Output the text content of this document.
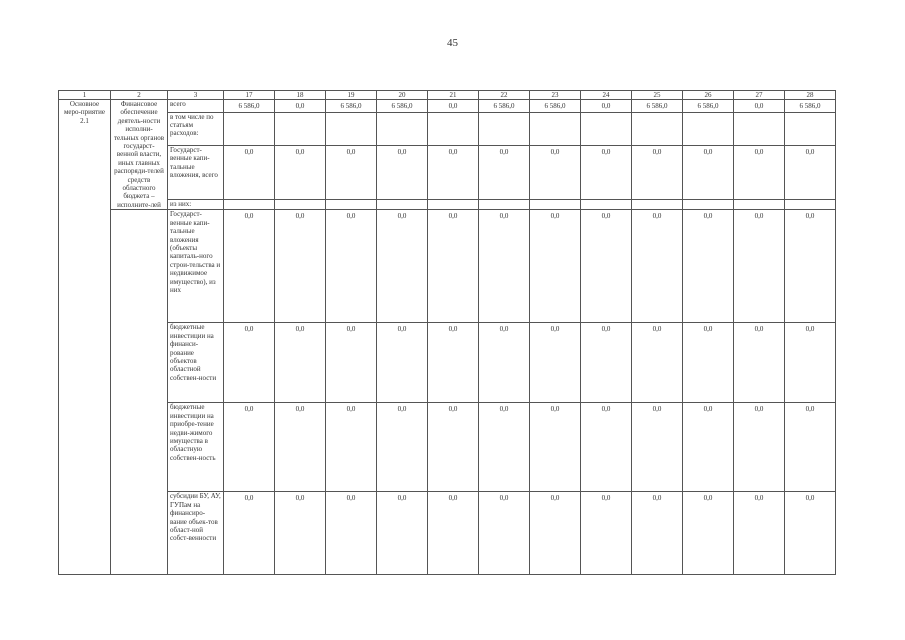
45
1	2	3	17	18	19	20	21	22	23	24	25	26	27	28
Основное меро-приятие 2.1	Финансовое обеспечение деятель-ности исполни-тельных органов государст-венной власти, иных главных распоряди-телей средств областного бюджета – исполните-лей	всего	6 586,0	0,0	6 586,0	6 586,0	0,0	6 586,0	6 586,0	0,0	6 586,0	6 586,0	0,0	6 586,0
		в том числе по статьям расходов:												
		Государст-венные капи-тальные вложения, всего	0,0	0,0	0,0	0,0	0,0	0,0	0,0	0,0	0,0	0,0	0,0	0,0
		из них:												
		Государст-венные капи-тальные вложения (объекты капиталь-ного строи-тельства и недвижимое имущество), из них	0,0	0,0	0,0	0,0	0,0	0,0	0,0	0,0	0,0	0,0	0,0	0,0
		бюджетные инвестиции на финанси-рование объектов областной собствен-ности	0,0	0,0	0,0	0,0	0,0	0,0	0,0	0,0	0,0	0,0	0,0	0,0
		бюджетные инвестиции на приобре-тение недви-жимого имущества в областную собствен-ность	0,0	0,0	0,0	0,0	0,0	0,0	0,0	0,0	0,0	0,0	0,0	0,0
		субсидии БУ, АУ, ГУПам на финансиро-вание объек-тов област-ной собст-венности	0,0	0,0	0,0	0,0	0,0	0,0	0,0	0,0	0,0	0,0	0,0	0,0
